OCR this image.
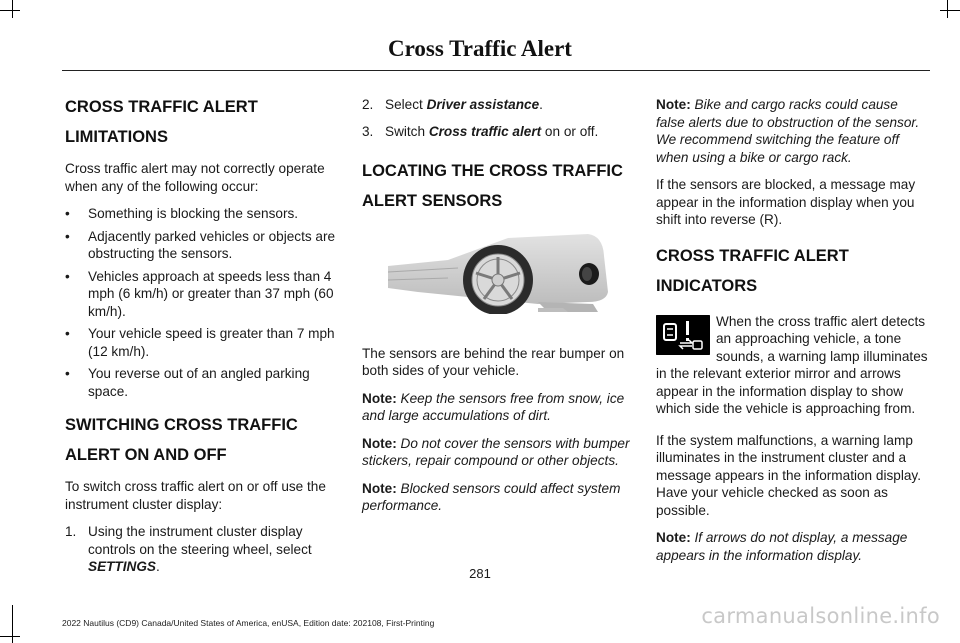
Cross Traffic Alert
CROSS TRAFFIC ALERT
LIMITATIONS

Cross traffic alert may not correctly operate when any of the following occur:

• Something is blocking the sensors.
• Adjacently parked vehicles or objects are obstructing the sensors.
• Vehicles approach at speeds less than 4 mph (6 km/h) or greater than 37 mph (60 km/h).
• Your vehicle speed is greater than 7 mph (12 km/h).
• You reverse out of an angled parking space.
SWITCHING CROSS TRAFFIC
ALERT ON AND OFF

To switch cross traffic alert on or off use the instrument cluster display:

1. Using the instrument cluster display controls on the steering wheel, select SETTINGS.
2. Select Driver assistance.
3. Switch Cross traffic alert on or off.
LOCATING THE CROSS TRAFFIC
ALERT SENSORS

The sensors are behind the rear bumper on both sides of your vehicle.

Note: Keep the sensors free from snow, ice and large accumulations of dirt.

Note: Do not cover the sensors with bumper stickers, repair compound or other objects.

Note: Blocked sensors could affect system performance.

Note: Bike and cargo racks could cause false alerts due to obstruction of the sensor. We recommend switching the feature off when using a bike or cargo rack.

If the sensors are blocked, a message may appear in the information display when you shift into reverse (R).

CROSS TRAFFIC ALERT
INDICATORS

When the cross traffic alert detects an approaching vehicle, a tone sounds, a warning lamp illuminates in the relevant exterior mirror and arrows appear in the information display to show which side the vehicle is approaching from.

If the system malfunctions, a warning lamp illuminates in the instrument cluster and a message appears in the information display. Have your vehicle checked as soon as possible.

Note: If arrows do not display, a message appears in the information display.

281
2022 Nautilus (CD9) Canada/United States of America, enUSA, Edition date: 202108, First-Printing	carmanualsonline.info
